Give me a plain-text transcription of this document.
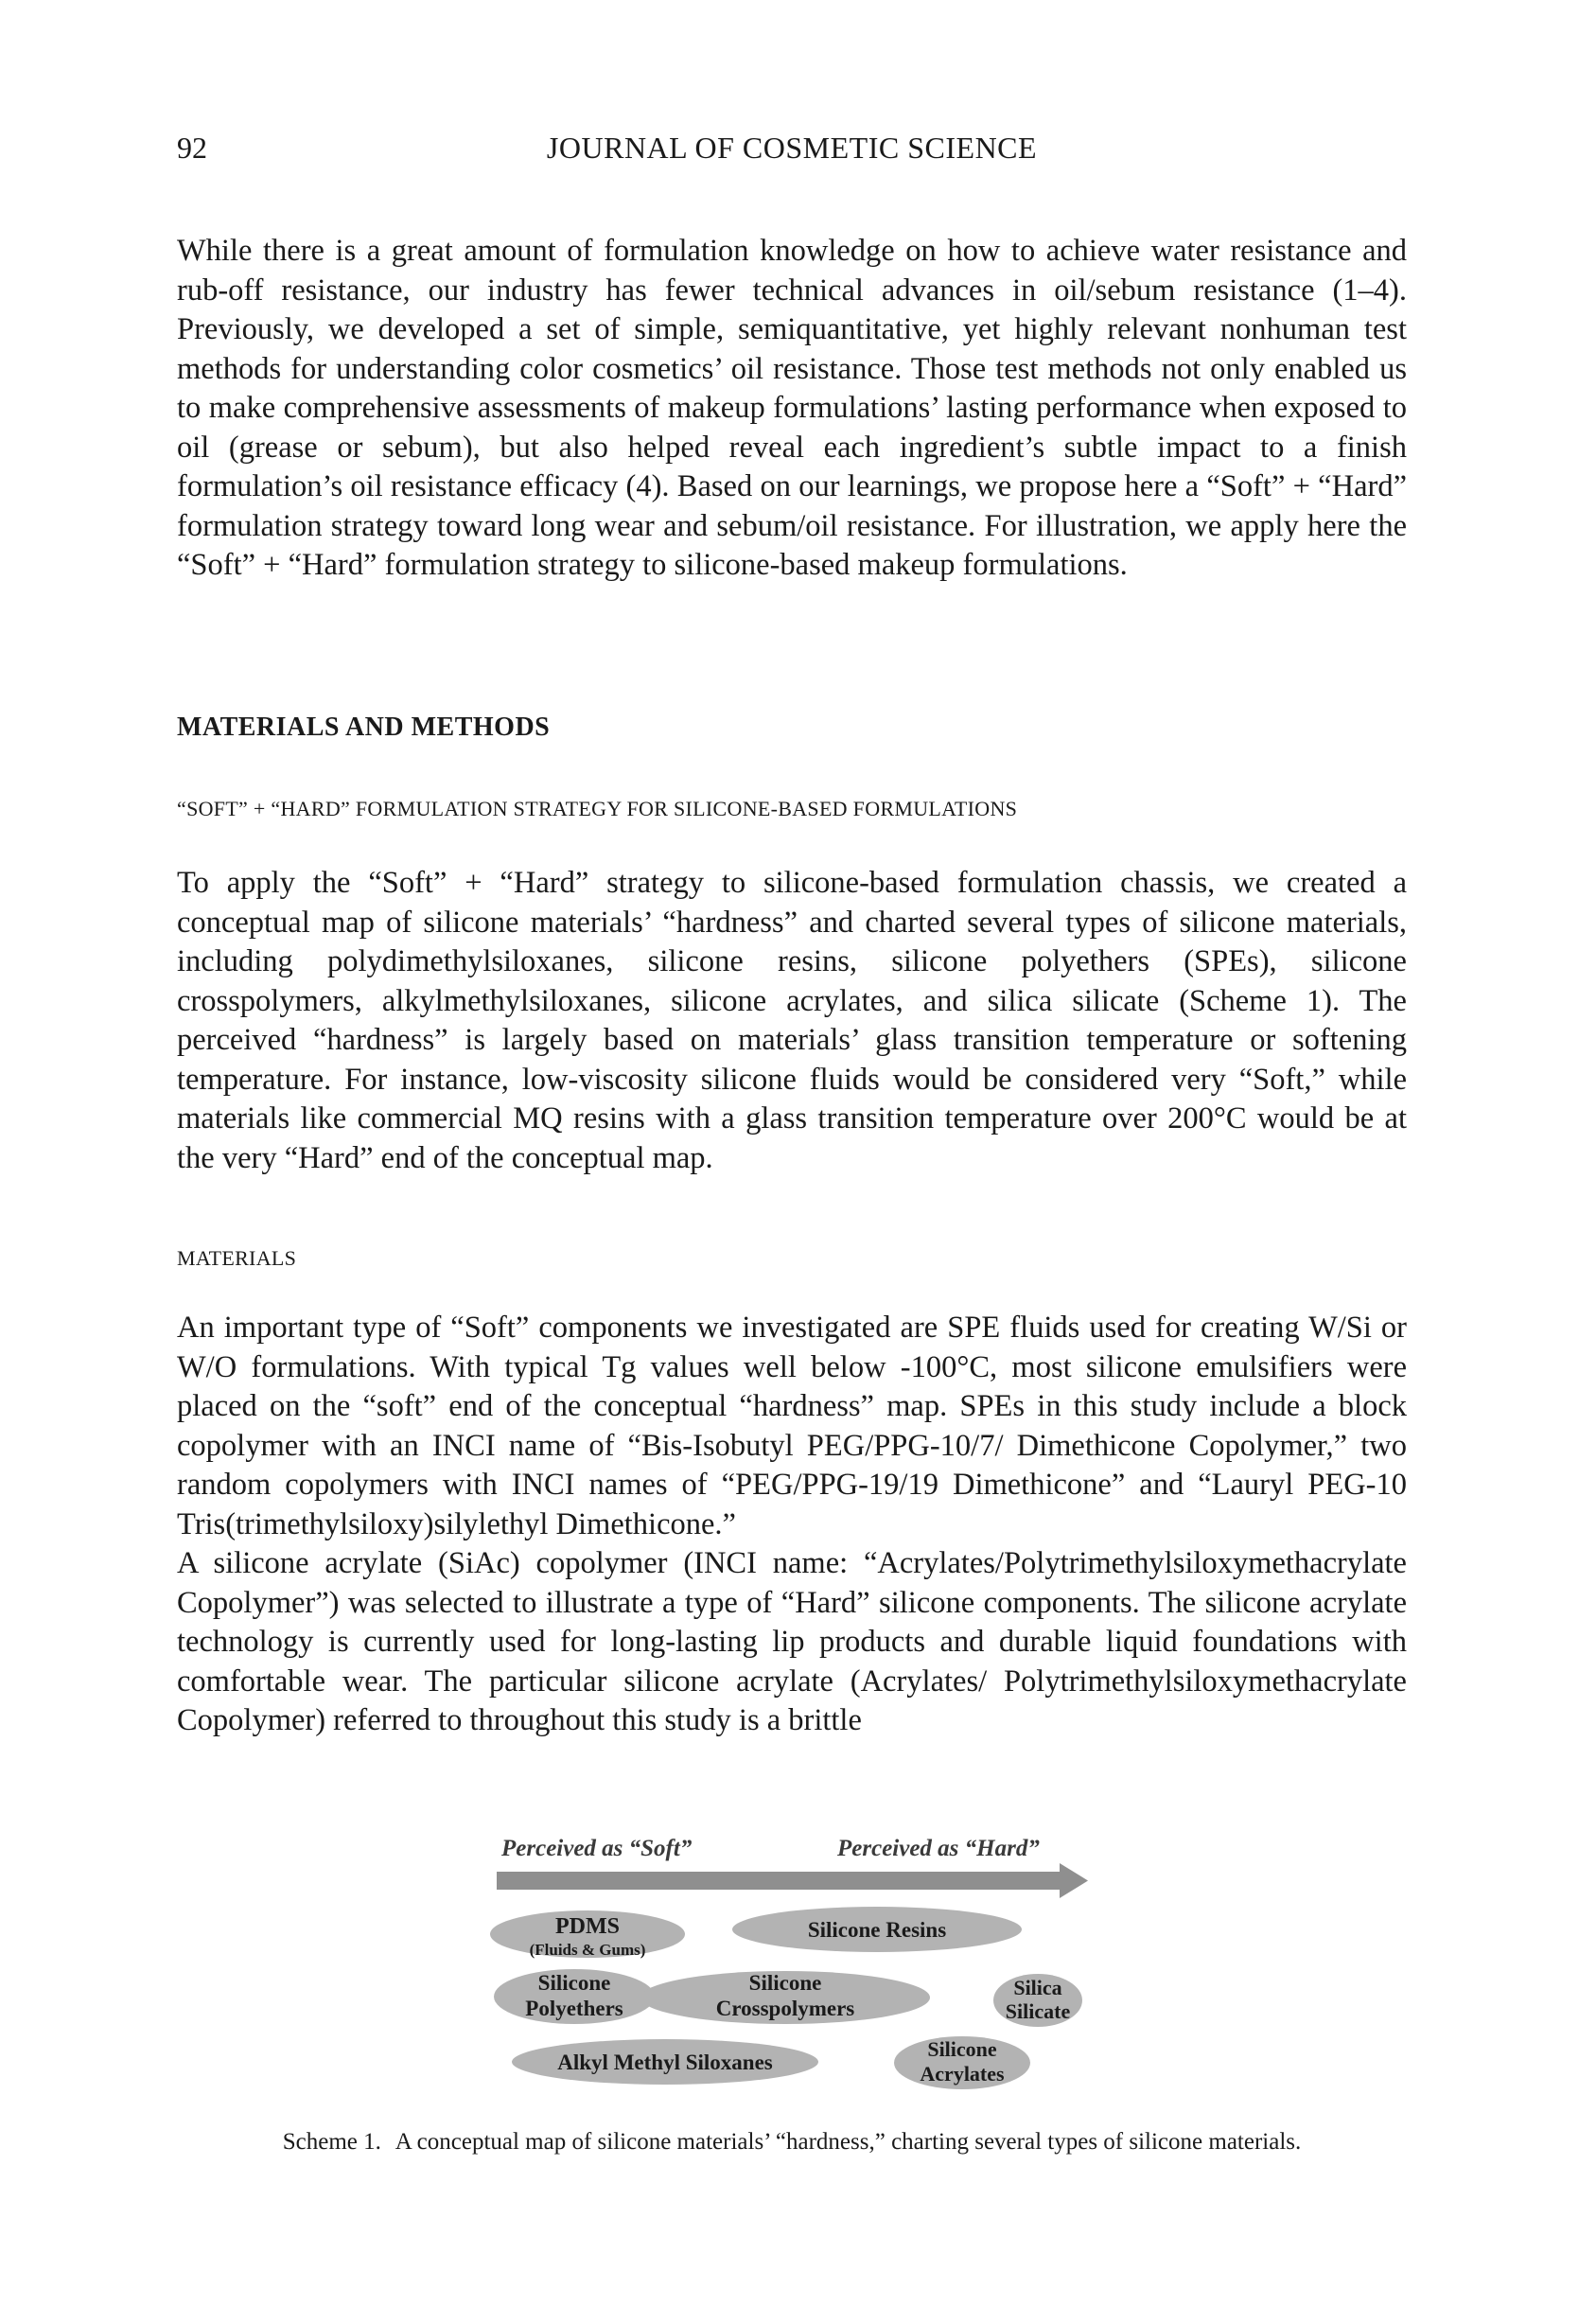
92	JOURNAL OF COSMETIC SCIENCE

While there is a great amount of formulation knowledge on how to achieve water resistance and rub-off resistance, our industry has fewer technical advances in oil/sebum resistance (1–4). Previously, we developed a set of simple, semiquantitative, yet highly relevant nonhuman test methods for understanding color cosmetics’ oil resistance. Those test methods not only enabled us to make comprehensive assessments of makeup formulations’ lasting performance when exposed to oil (grease or sebum), but also helped reveal each ingredient’s subtle impact to a finish formulation’s oil resistance efficacy (4). Based on our learnings, we propose here a “Soft” + “Hard” formulation strategy toward long wear and sebum/oil resistance. For illustration, we apply here the “Soft” + “Hard” formulation strategy to silicone-based makeup formulations.

MATERIALS AND METHODS
“SOFT” + “HARD” FORMULATION STRATEGY FOR SILICONE-BASED FORMULATIONS

To apply the “Soft” + “Hard” strategy to silicone-based formulation chassis, we created a conceptual map of silicone materials’ “hardness” and charted several types of silicone materials, including polydimethylsiloxanes, silicone resins, silicone polyethers (SPEs), silicone crosspolymers, alkylmethylsiloxanes, silicone acrylates, and silica silicate (Scheme 1). The perceived “hardness” is largely based on materials’ glass transition temperature or softening temperature. For instance, low-viscosity silicone fluids would be considered very “Soft,” while materials like commercial MQ resins with a glass transition temperature over 200°C would be at the very “Hard” end of the conceptual map.

MATERIALS

An important type of “Soft” components we investigated are SPE fluids used for creating W/Si or W/O formulations. With typical Tg values well below -100°C, most silicone emulsifiers were placed on the “soft” end of the conceptual “hardness” map. SPEs in this study include a block copolymer with an INCI name of “Bis-Isobutyl PEG/PPG-10/7/ Dimethicone Copolymer,” two random copolymers with INCI names of “PEG/PPG-19/19 Dimethicone” and “Lauryl PEG-10 Tris(trimethylsiloxy)silylethyl Dimethicone.”

A silicone acrylate (SiAc) copolymer (INCI name: “Acrylates/Polytrimethylsiloxymethacrylate Copolymer”) was selected to illustrate a type of “Hard” silicone components. The silicone acrylate technology is currently used for long-lasting lip products and durable liquid foundations with comfortable wear. The particular silicone acrylate (Acrylates/ Polytrimethylsiloxymethacrylate Copolymer) referred to throughout this study is a brittle

Perceived as “Soft”	Perceived as “Hard”
PDMS
(Fluids & Gums)
Silicone Resins
Silicone
Polyethers
Silicone
Crosspolymers
Silica
Silicate
Alkyl Methyl Siloxanes
Silicone
Acrylates
Scheme 1. A conceptual map of silicone materials’ “hardness,” charting several types of silicone materials.
